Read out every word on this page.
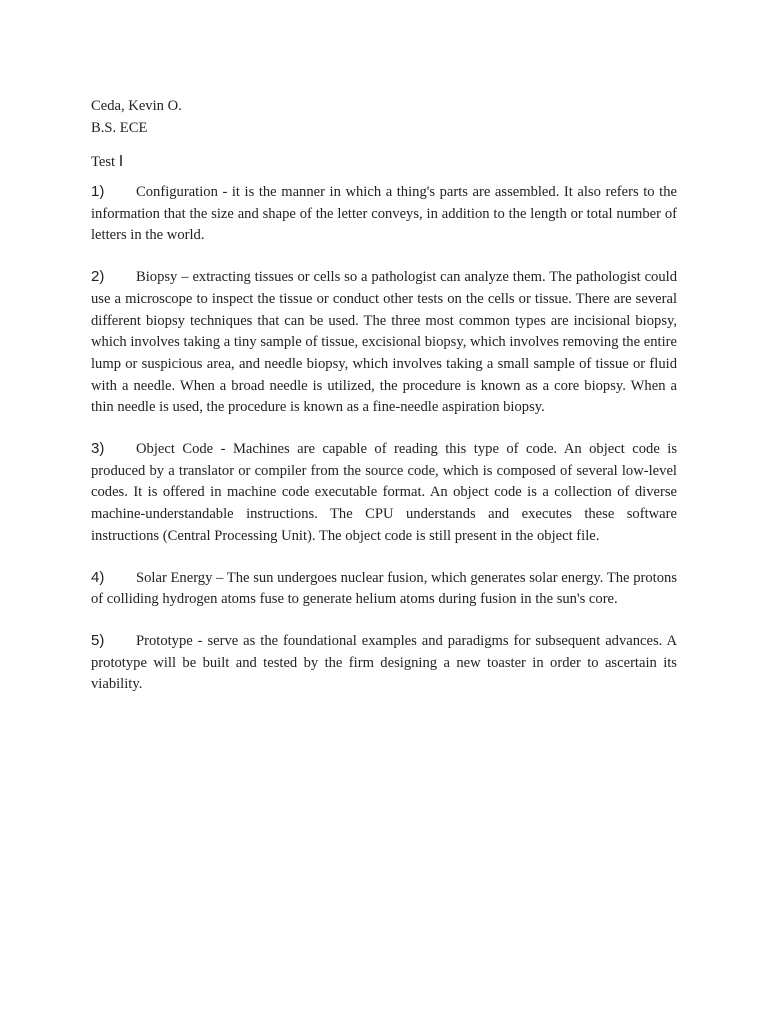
Ceda, Kevin O.

B.S. ECE

Test I

1) Configuration - it is the manner in which a thing's parts are assembled. It also refers to the information that the size and shape of the letter conveys, in addition to the length or total number of letters in the world.

2) Biopsy – extracting tissues or cells so a pathologist can analyze them. The pathologist could use a microscope to inspect the tissue or conduct other tests on the cells or tissue. There are several different biopsy techniques that can be used. The three most common types are incisional biopsy, which involves taking a tiny sample of tissue, excisional biopsy, which involves removing the entire lump or suspicious area, and needle biopsy, which involves taking a small sample of tissue or fluid with a needle. When a broad needle is utilized, the procedure is known as a core biopsy. When a thin needle is used, the procedure is known as a fine-needle aspiration biopsy.

3) Object Code - Machines are capable of reading this type of code. An object code is produced by a translator or compiler from the source code, which is composed of several low-level codes. It is offered in machine code executable format. An object code is a collection of diverse machine-understandable instructions. The CPU understands and executes these software instructions (Central Processing Unit). The object code is still present in the object file.

4) Solar Energy – The sun undergoes nuclear fusion, which generates solar energy. The protons of colliding hydrogen atoms fuse to generate helium atoms during fusion in the sun's core.

5) Prototype - serve as the foundational examples and paradigms for subsequent advances. A prototype will be built and tested by the firm designing a new toaster in order to ascertain its viability.
